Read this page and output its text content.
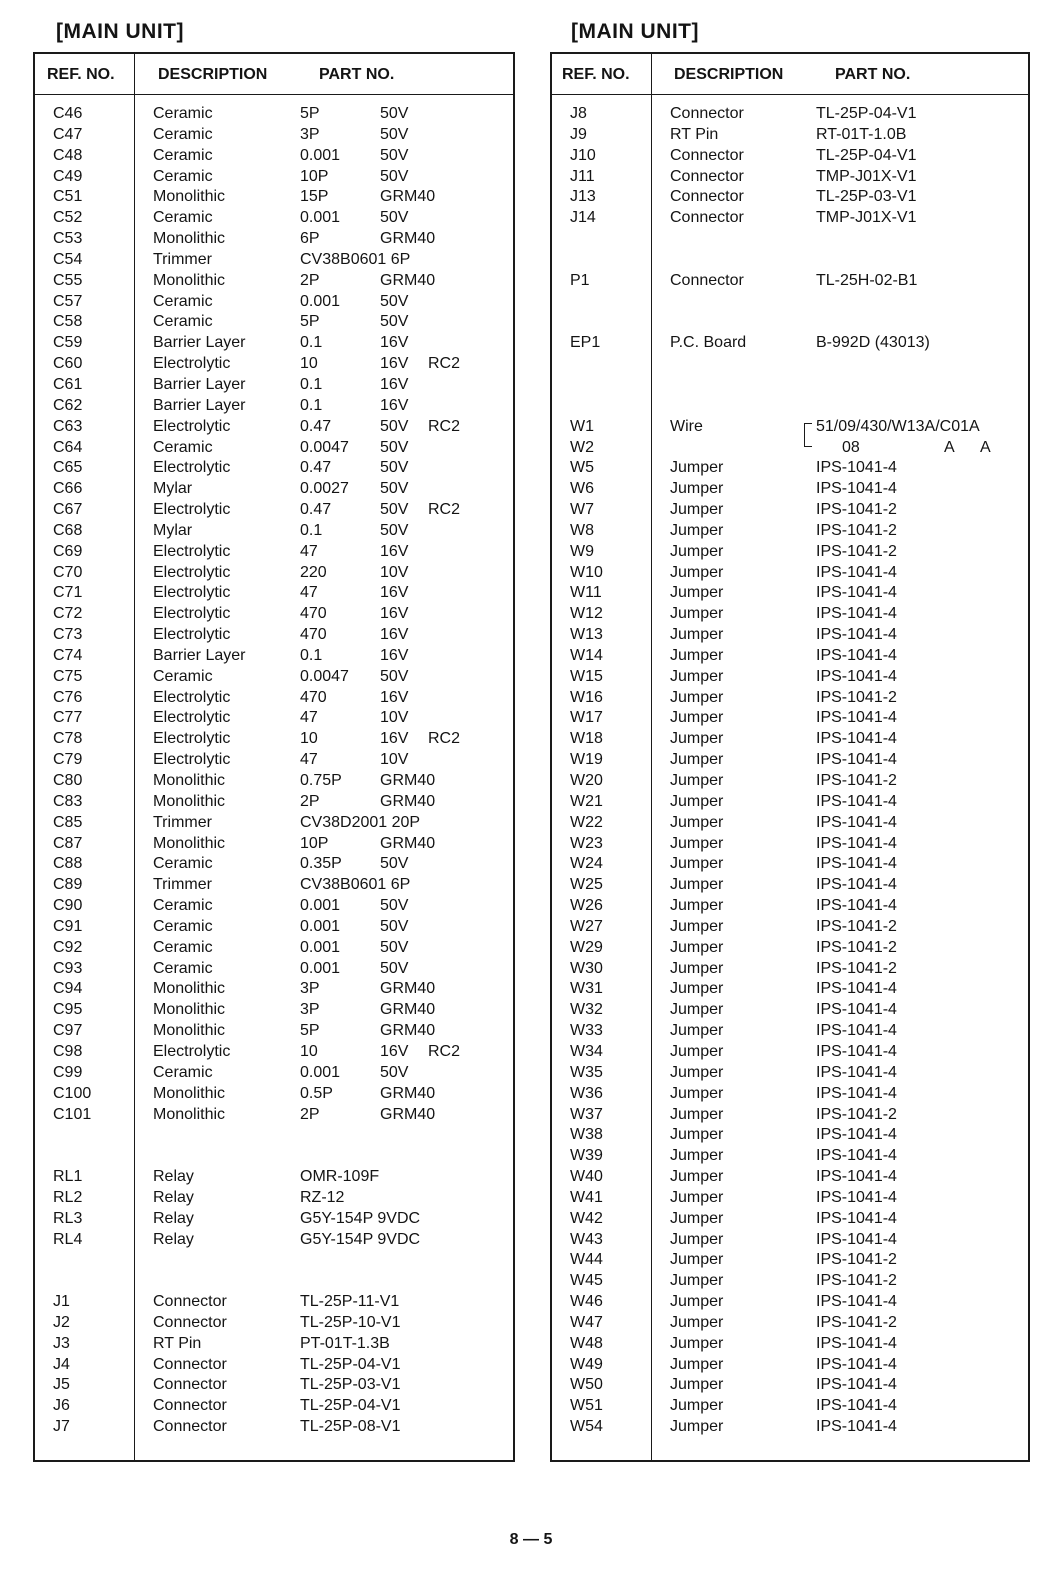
[MAIN UNIT]
REF. NO.	DESCRIPTION	PART NO.
C46	Ceramic	5P	50V
C47	Ceramic	3P	50V
C48	Ceramic	0.001 50V
C49	Ceramic	10P	50V
C51	Monolithic	15P	GRM40
C52	Ceramic	0.001 50V
C53	Monolithic	6P	GRM40
C54	Trimmer	CV38B0601 6P
C55	Monolithic	2P	GRM40
C57	Ceramic	0.001 50V
C58	Ceramic	5P	50V
C59	Barrier Layer	0.1	16V
C60	Electrolytic	10	16V RC2
C61	Barrier Layer	0.1	16V
C62	Barrier Layer	0.1	16V
C63	Electrolytic	0.47	50V RC2
C64	Ceramic	0.0047 50V
C65	Electrolytic	0.47	50V
C66	Mylar	0.0027 50V
C67	Electrolytic	0.47	50V RC2
C68	Mylar	0.1	50V
C69	Electrolytic	47	16V
C70	Electrolytic	220	10V
C71	Electrolytic	47	16V
C72	Electrolytic	470	16V
C73	Electrolytic	470	16V
C74	Barrier Layer	0.1	16V
C75	Ceramic	0.0047 50V
C76	Electrolytic	470	16V
C77	Electrolytic	47	10V
C78	Electrolytic	10	16V RC2
C79	Electrolytic	47	10V
C80	Monolithic	0.75P GRM40
C83	Monolithic	2P	GRM40
C85	Trimmer	CV38D2001 20P
C87	Monolithic	10P	GRM40
C88	Ceramic	0.35P 50V
C89	Trimmer	CV38B0601 6P
C90	Ceramic	0.001 50V
C91	Ceramic	0.001 50V
C92	Ceramic	0.001 50V
C93	Ceramic	0.001 50V
C94	Monolithic	3P	GRM40
C95	Monolithic	3P	GRM40
C97	Monolithic	5P	GRM40
C98	Electrolytic	10	16V RC2
C99	Ceramic	0.001 50V
C100	Monolithic	0.5P	GRM40
C101	Monolithic	2P	GRM40
RL1	Relay	OMR-109F
RL2	Relay	RZ-12
RL3	Relay	G5Y-154P 9VDC
RL4	Relay	G5Y-154P 9VDC
J1	Connector	TL-25P-11-V1
J2	Connector	TL-25P-10-V1
J3	RT Pin	PT-01T-1.3B
J4	Connector	TL-25P-04-V1
J5	Connector	TL-25P-03-V1
J6	Connector	TL-25P-04-V1
J7	Connector	TL-25P-08-V1
[MAIN UNIT]
REF. NO.	DESCRIPTION	PART NO.
J8	Connector	TL-25P-04-V1
J9	RT Pin	RT-01T-1.0B
J10	Connector	TL-25P-04-V1
J11	Connector	TMP-J01X-V1
J13	Connector	TL-25P-03-V1
J14	Connector	TMP-J01X-V1
P1	Connector	TL-25H-02-B1
EP1	P.C. Board	B-992D (43013)
W1	Wire	51/09/430/W13A/C01A
W2	08	A A
W5	Jumper	IPS-1041-4
W6	Jumper	IPS-1041-4
W7	Jumper	IPS-1041-2
W8	Jumper	IPS-1041-2
W9	Jumper	IPS-1041-2
W10	Jumper	IPS-1041-4
W11	Jumper	IPS-1041-4
W12	Jumper	IPS-1041-4
W13	Jumper	IPS-1041-4
W14	Jumper	IPS-1041-4
W15	Jumper	IPS-1041-4
W16	Jumper	IPS-1041-2
W17	Jumper	IPS-1041-4
W18	Jumper	IPS-1041-4
W19	Jumper	IPS-1041-4
W20	Jumper	IPS-1041-2
W21	Jumper	IPS-1041-4
W22	Jumper	IPS-1041-4
W23	Jumper	IPS-1041-4
W24	Jumper	IPS-1041-4
W25	Jumper	IPS-1041-4
W26	Jumper	IPS-1041-4
W27	Jumper	IPS-1041-2
W29	Jumper	IPS-1041-2
W30	Jumper	IPS-1041-2
W31	Jumper	IPS-1041-4
W32	Jumper	IPS-1041-4
W33	Jumper	IPS-1041-4
W34	Jumper	IPS-1041-4
W35	Jumper	IPS-1041-4
W36	Jumper	IPS-1041-4
W37	Jumper	IPS-1041-2
W38	Jumper	IPS-1041-4
W39	Jumper	IPS-1041-4
W40	Jumper	IPS-1041-4
W41	Jumper	IPS-1041-4
W42	Jumper	IPS-1041-4
W43	Jumper	IPS-1041-4
W44	Jumper	IPS-1041-2
W45	Jumper	IPS-1041-2
W46	Jumper	IPS-1041-4
W47	Jumper	IPS-1041-2
W48	Jumper	IPS-1041-4
W49	Jumper	IPS-1041-4
W50	Jumper	IPS-1041-4
W51	Jumper	IPS-1041-4
W54	Jumper	IPS-1041-4
8 — 5
